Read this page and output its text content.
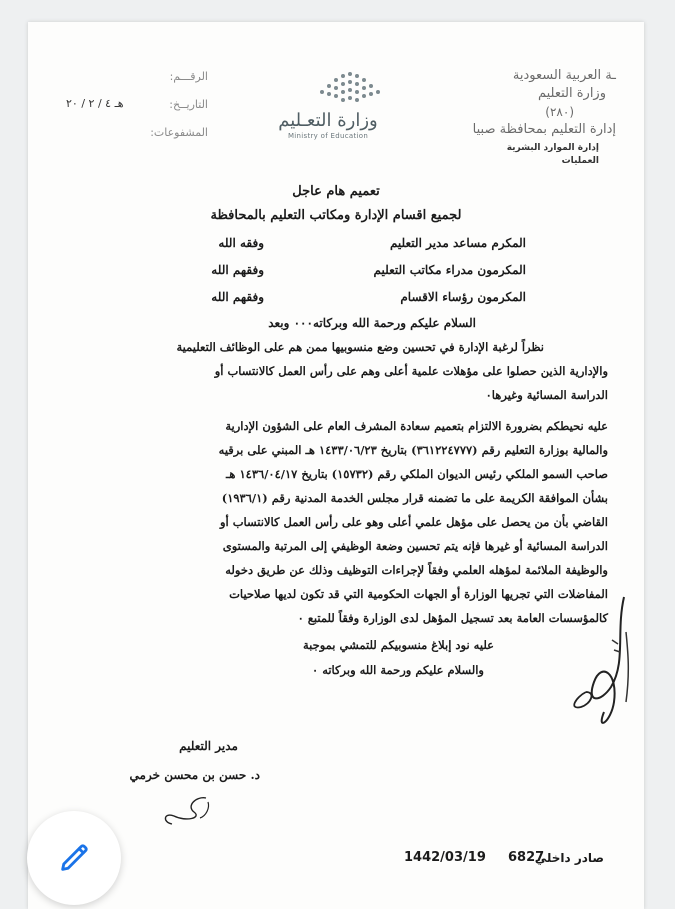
ـة العربية السعودية
وزارة التعليم
(٢٨٠)
إدارة التعليم بمحافظة صبيا
إدارة الموارد البشرية
العمليات
الرقـــم:
التاريــخ:
هـ ٤ / ٢ / ٢٠
المشفوعات:
وزارة التعـليم
Ministry of Education
تعميم هام عاجل
لجميع اقسام الإدارة ومكاتب التعليم بالمحافظة
المكرم مساعد مدير التعليم
وفقه الله
المكرمون مدراء مكاتب التعليم
وفقهم الله
المكرمون رؤساء الاقسام
وفقهم الله
السلام عليكم ورحمة الله وبركاته٠٠٠ وبعد
نظراً لرغبة الإدارة في تحسين وضع منسوبيها ممن هم على الوظائف التعليمية
والإدارية الذين حصلوا على مؤهلات علمية أعلى وهم على رأس العمل كالانتساب أو
الدراسة المسائية وغيرها٠
عليه نحيطكم بضرورة الالتزام بتعميم سعادة المشرف العام على الشؤون الإدارية
والمالية بوزارة التعليم رقم (٣٦١٢٢٤٧٧٧) بتاريخ ١٤٣٣/٠٦/٢٣ هـ المبني على برقيه
صاحب السمو الملكي رئيس الديوان الملكي رقم (١٥٧٣٢) بتاريخ ١٤٣٦/٠٤/١٧ هـ
بشأن الموافقة الكريمة على ما تضمنه قرار مجلس الخدمة المدنية رقم (١٩٣٦/١)
القاضي بأن من يحصل على مؤهل علمي أعلى وهو على رأس العمل كالانتساب أو
الدراسة المسائية أو غيرها فإنه يتم تحسين وضعة الوظيفي إلى المرتبة والمستوى
والوظيفة الملائمة لمؤهله العلمي وفقاً لإجراءات التوظيف وذلك عن طريق دخوله
المفاضلات التي تجريها الوزارة أو الجهات الحكومية التي قد تكون لديها صلاحيات
كالمؤسسات العامة بعد تسجيل المؤهل لدى الوزارة وفقاً للمتبع ٠
عليه نود إبلاغ منسوبيكم للتمشي بموجبة
والسلام عليكم ورحمة الله وبركاته ٠
مدير التعليم
د. حسن بن محسن خرمي
صادر داخلي
6827
1442/03/19
